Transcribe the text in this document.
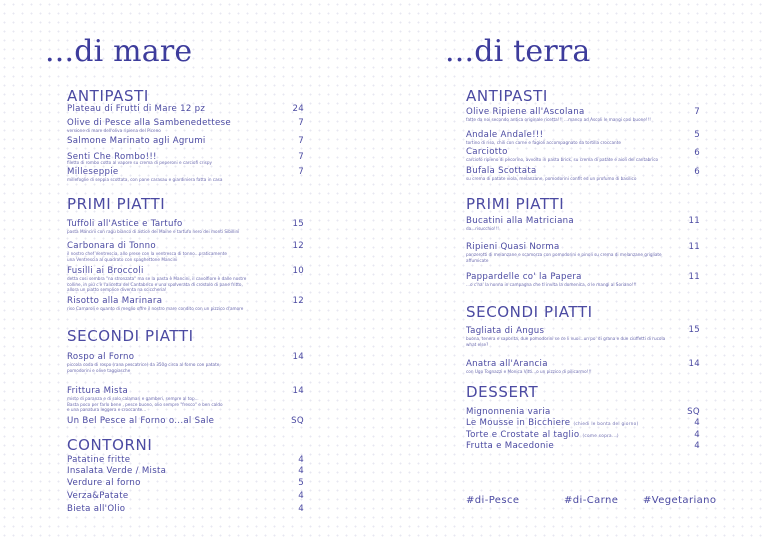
...di mare
ANTIPASTI
Plateau di Frutti di Mare 12 pz	24
Olive di Pesce alla Sambenedettese	7
versione di mare dell'oliva ripiena del Piceno
Salmone Marinato agli Agrumi	7
Senti Che Rombo!!!	7
filetto di rombo cotto al vapore su crema di peperoni e carciofi crispy
Milleseppie	7
millefoglie di seppia scottata, con pane carasau e giardiniera fatta in casa
PRIMI PIATTI
Tuffoli all'Astice e Tartufo	15
pasta Mancini con ragù bianco di astice dei Maine e tartufo nero dei monti Sibillini
Carbonara di Tonno	12
il nostro chef Ventrescia, allo prese con la ventresca di tonno...praticamente
una Ventrescia al quadrato con spaghettone Mancini
Fusilli ai Broccoli	10
detta cosi sembra "na stronzata" ma se la pasta è Mancini, il cavolfiore è dalle nostre
colline, in più c'è l'alicetta del Cantabrico e una spolverata di crostolo di pane fritto,
allora un piatto semplice diventa na sciccheria!
Risotto alla Marinara	12
riso Carnaroli e quanto di meglio offre il nostro mare condito con un pizzico d'amore
SECONDI PIATTI
Rospo al Forno	14
piccola coda di rospo (rana pescatrice) da 350g circa al forno con patate,
pomodorini e olive taggiasche
Frittura Mista	14
misto di paranza e di solo calamari e gamberi, sempre al top...
Basta poco per farlo bene , pesce buono, olio sempre "fresco" e ben caldo
e una panatura leggera e croccante...
Un Bel Pesce al Forno o...al Sale	SQ
CONTORNI
Patatine fritte	4
Insalata Verde / Mista	4
Verdure al forno	5
Verza&Patate	4
Bieta all'Olio	4
...di terra
ANTIPASTI
Olive Ripiene all'Ascolana	7
fatte da noi secondo antica originale ricetta!!! ...manco ad Ascoli le mangi così buone!!!
Andale Andale!!!	5
tortino di riso, chili con carne e fagioli accompagnato da tortilla croccante
Carciotto	6
carciofo ripieno di pecorino, avvolto in pasta brick, su crema di patate e aioli del cantabrico
Bufala Scottata	6
su crema di patate viola, melanzane, pomodorini confit ed un profumo di basilico
PRIMI PIATTI
Bucatini alla Matriciana	11
da...risucchio!!!
Ripieni Quasi Norma	11
panzerotti di melanzane e scamorza con pomodorini e pinoli su crema di melanzane grigliate
affumicate
Pappardelle co' la Papera	11
...o c'ha' la nonna in campagna che ti invita la domenica, o le mangi al Soriano!!!
SECONDI PIATTI
Tagliata di Angus	15
buona, tenera e saporita, due pomodorini se ce li vuoi...un po' di grana e due ciuffetti di rucola
what else?
Anatra all'Arancia	14
con Ugo Tognazzi e Monica Vitti...o un pizzico di pilicarmo!!!
DESSERT
Mignonnenia varia	SQ
Le Mousse in Bicchiere (chiedi le bonta del giorno)	4
Torte e Crostate al taglio (come sopra...)	4
Frutta e Macedonie	4
#di-Pesce	#di-Carne #Vegetariano
